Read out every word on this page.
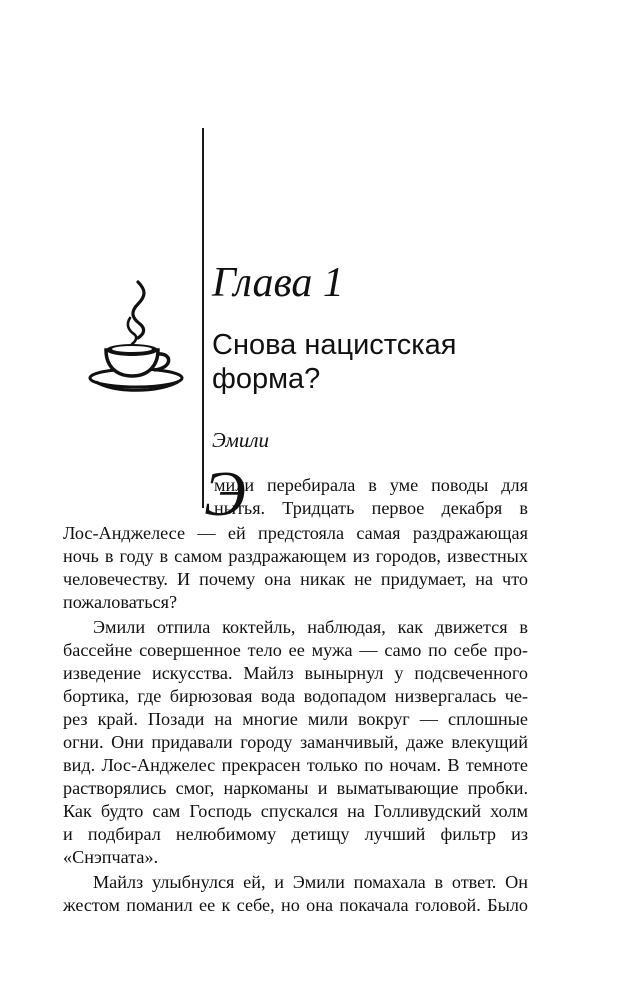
Глава 1
Снова нацистская
форма?
Эмили
Э
мили перебирала в уме поводы для
нытья. Тридцать первое декабря в
Лос-Анджелесе — ей предстояла самая раздражающая
ночь в году в самом раздражающем из городов, известных
человечеству. И почему она никак не придумает, на что
пожаловаться?
Эмили отпила коктейль, наблюдая, как движется в
бассейне совершенное тело ее мужа — само по себе про-
изведение искусства. Майлз вынырнул у подсвеченного
бортика, где бирюзовая вода водопадом низвергалась че-
рез край. Позади на многие мили вокруг — сплошные
огни. Они придавали городу заманчивый, даже влекущий
вид. Лос-Анджелес прекрасен только по ночам. В темноте
растворялись смог, наркоманы и выматывающие пробки.
Как будто сам Господь спускался на Голливудский холм
и подбирал нелюбимому детищу лучший фильтр из
«Снэпчата».
Майлз улыбнулся ей, и Эмили помахала в ответ. Он
жестом поманил ее к себе, но она покачала головой. Было
